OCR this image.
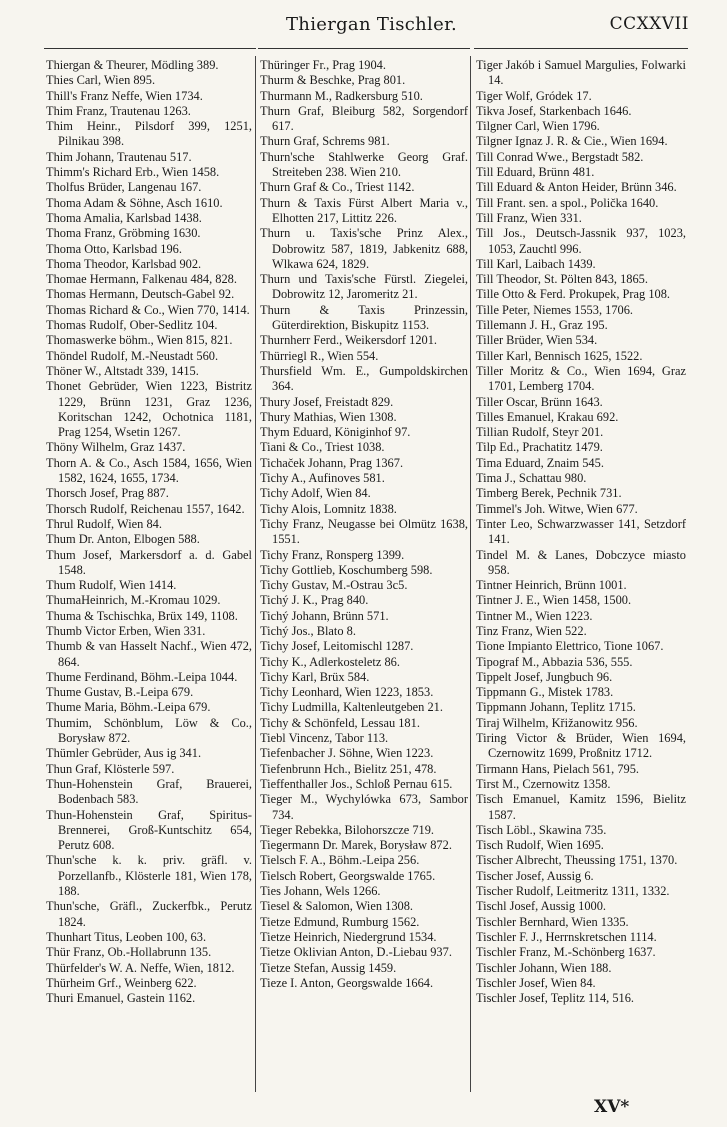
Thiergan Tischler.	CCXXVII
Thiergan & Theurer, Mödling 389.
Thies Carl, Wien 895.
Thill's Franz Neffe, Wien 1734.
Thim Franz, Trautenau 1263.
Thim Heinr., Pilsdorf 399, 1251, Pilnikau 398.
Thim Johann, Trautenau 517.
Thimm's Richard Erb., Wien 1458.
Tholfus Brüder, Langenau 167.
Thoma Adam & Söhne, Asch 1610.
Thoma Amalia, Karlsbad 1438.
Thoma Franz, Gröbming 1630.
Thoma Otto, Karlsbad 196.
Thoma Theodor, Karlsbad 902.
Thomae Hermann, Falkenau 484, 828.
Thomas Hermann, Deutsch-Gabel 92.
Thomas Richard & Co., Wien 770, 1414.
Thomas Rudolf, Ober-Sedlitz 104.
Thomaswerke böhm., Wien 815, 821.
Thöndel Rudolf, M.-Neustadt 560.
Thöner W., Altstadt 339, 1415.
Thonet Gebrüder, Wien 1223, Bistritz 1229, Brünn 1231, Graz 1236, Koritschan 1242, Ochotnica 1181, Prag 1254, Wsetin 1267.
Thöny Wilhelm, Graz 1437.
Thorn A. & Co., Asch 1584, 1656, Wien 1582, 1624, 1655, 1734.
Thorsch Josef, Prag 887.
Thorsch Rudolf, Reichenau 1557, 1642.
Thrul Rudolf, Wien 84.
Thum Dr. Anton, Elbogen 588.
Thum Josef, Markersdorf a. d. Gabel 1548.
Thum Rudolf, Wien 1414.
ThumaHeinrich, M.-Kromau 1029.
Thuma & Tschischka, Brüx 149, 1108.
Thumb Victor Erben, Wien 331.
Thumb & van Hasselt Nachf., Wien 472, 864.
Thume Ferdinand, Böhm.-Leipa 1044.
Thume Gustav, B.-Leipa 679.
Thume Maria, Böhm.-Leipa 679.
Thumim, Schönblum, Löw & Co., Borysław 872.
Thümler Gebrüder, Aus ig 341.
Thun Graf, Klösterle 597.
Thun-Hohenstein Graf, Brauerei, Bodenbach 583.
Thun-Hohenstein Graf, Spiritus-Brennerei, Groß-Kuntschitz 654, Perutz 608.
Thun'sche k. k. priv. gräfl. v. Porzellanfb., Klösterle 181, Wien 178, 188.
Thun'sche, Gräfl., Zuckerfbk., Perutz 1824.
Thunhart Titus, Leoben 100, 63.
Thür Franz, Ob.-Hollabrunn 135.
Thürfelder's W. A. Neffe, Wien, 1812.
Thürheim Grf., Weinberg 622.
Thuri Emanuel, Gastein 1162.
Thüringer Fr., Prag 1904.
Thurm & Beschke, Prag 801.
Thurmann M., Radkersburg 510.
Thurn Graf, Bleiburg 582, Sorgendorf 617.
Thurn Graf, Schrems 981.
Thurn'sche Stahlwerke Georg Graf. Streiteben 238. Wien 210.
Thurn Graf & Co., Triest 1142.
Thurn & Taxis Fürst Albert Maria v., Elhotten 217, Littitz 226.
Thurn u. Taxis'sche Prinz Alex., Dobrowitz 587, 1819, Jabkenitz 688, Wlkawa 624, 1829.
Thurn und Taxis'sche Fürstl. Ziegelei, Dobrowitz 12, Jaromeritz 21.
Thurn & Taxis Prinzessin, Güterdirektion, Biskupitz 1153.
Thurnherr Ferd., Weikersdorf 1201.
Thürriegl R., Wien 554.
Thursfield Wm. E., Gumpoldskirchen 364.
Thury Josef, Freistadt 829.
Thury Mathias, Wien 1308.
Thym Eduard, Königinhof 97.
Tiani & Co., Triest 1038.
Tichaček Johann, Prag 1367.
Tichy A., Aufinoves 581.
Tichy Adolf, Wien 84.
Tichy Alois, Lomnitz 1838.
Tichy Franz, Neugasse bei Olmütz 1638, 1551.
Tichy Franz, Ronsperg 1399.
Tichy Gottlieb, Koschumberg 598.
Tichy Gustav, M.-Ostrau 3c5.
Tichý J. K., Prag 840.
Tichý Johann, Brünn 571.
Tichý Jos., Blato 8.
Tichy Josef, Leitomischl 1287.
Tichy K., Adlerkosteletz 86.
Tichy Karl, Brüx 584.
Tichy Leonhard, Wien 1223, 1853.
Tichy Ludmilla, Kaltenleutgeben 21.
Tichy & Schönfeld, Lessau 181.
Tiebl Vincenz, Tabor 113.
Tiefenbacher J. Söhne, Wien 1223.
Tiefenbrunn Hch., Bielitz 251, 478.
Tieffenthaller Jos., Schloß Pernau 615.
Tieger M., Wychylówka 673, Sambor 734.
Tieger Rebekka, Bilohorszcze 719.
Tiegermann Dr. Marek, Borysław 872.
Tielsch F. A., Böhm.-Leipa 256.
Tielsch Robert, Georgswalde 1765.
Ties Johann, Wels 1266.
Tiesel & Salomon, Wien 1308.
Tietze Edmund, Rumburg 1562.
Tietze Heinrich, Niedergrund 1534.
Tietze Oklivian Anton, D.-Liebau 937.
Tietze Stefan, Aussig 1459.
Tieze I. Anton, Georgswalde 1664.
Tiger Jakób i Samuel Margulies, Folwarki 14.
Tiger Wolf, Gródek 17.
Tikva Josef, Starkenbach 1646.
Tilgner Carl, Wien 1796.
Tilgner Ignaz J. R. & Cie., Wien 1694.
Till Conrad Wwe., Bergstadt 582.
Till Eduard, Brünn 481.
Till Eduard & Anton Heider, Brünn 346.
Till Frant. sen. a spol., Polička 1640.
Till Franz, Wien 331.
Till Jos., Deutsch-Jassnik 937, 1023, 1053, Zauchtl 996.
Till Karl, Laibach 1439.
Till Theodor, St. Pölten 843, 1865.
Tille Otto & Ferd. Prokupek, Prag 108.
Tille Peter, Niemes 1553, 1706.
Tillemann J. H., Graz 195.
Tiller Brüder, Wien 534.
Tiller Karl, Bennisch 1625, 1522.
Tiller Moritz & Co., Wien 1694, Graz 1701, Lemberg 1704.
Tiller Oscar, Brünn 1643.
Tilles Emanuel, Krakau 692.
Tillian Rudolf, Steyr 201.
Tilp Ed., Prachatitz 1479.
Tima Eduard, Znaim 545.
Tima J., Schattau 980.
Timberg Berek, Pechnik 731.
Timmel's Joh. Witwe, Wien 677.
Tinter Leo, Schwarzwasser 141, Setzdorf 141.
Tindel M. & Lanes, Dobczyce miasto 958.
Tintner Heinrich, Brünn 1001.
Tintner J. E., Wien 1458, 1500.
Tintner M., Wien 1223.
Tinz Franz, Wien 522.
Tione Impianto Elettrico, Tione 1067.
Tipograf M., Abbazia 536, 555.
Tippelt Josef, Jungbuch 96.
Tippmann G., Mistek 1783.
Tippmann Johann, Teplitz 1715.
Tiraj Wilhelm, Křižanowitz 956.
Tiring Victor & Brüder, Wien 1694, Czernowitz 1699, Proßnitz 1712.
Tirmann Hans, Pielach 561, 795.
Tirst M., Czernowitz 1358.
Tisch Emanuel, Kamitz 1596, Bielitz 1587.
Tisch Löbl., Skawina 735.
Tisch Rudolf, Wien 1695.
Tischer Albrecht, Theussing 1751, 1370.
Tischer Josef, Aussig 6.
Tischer Rudolf, Leitmeritz 1311, 1332.
Tischl Josef, Aussig 1000.
Tischler Bernhard, Wien 1335.
Tischler F. J., Herrnskretschen 1114.
Tischler Franz, M.-Schönberg 1637.
Tischler Johann, Wien 188.
Tischler Josef, Wien 84.
Tischler Josef, Teplitz 114, 516.
XV*
